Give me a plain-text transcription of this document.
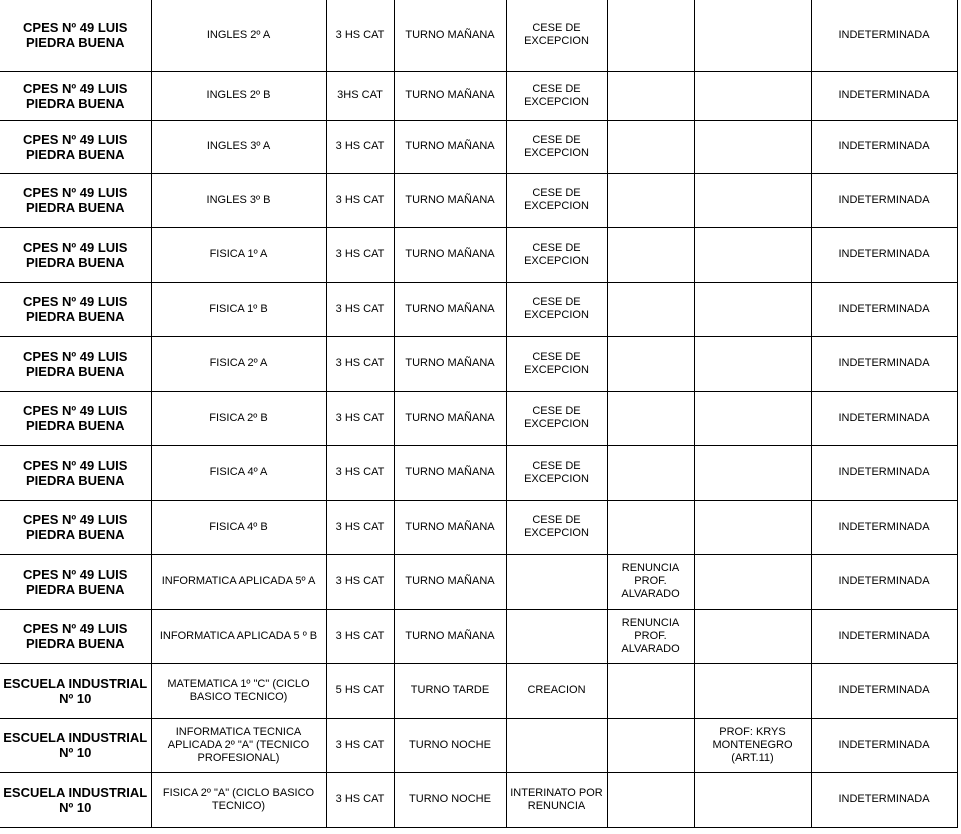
CPES Nº 49 LUIS PIEDRA BUENA	INGLES 2º A	3 HS CAT	TURNO MAÑANA	CESE DE EXCEPCION			INDETERMINADA
CPES Nº 49 LUIS PIEDRA BUENA	INGLES 2º B	3HS CAT	TURNO MAÑANA	CESE DE EXCEPCION			INDETERMINADA
CPES Nº 49 LUIS PIEDRA BUENA	INGLES 3º A	3 HS CAT	TURNO MAÑANA	CESE DE EXCEPCION			INDETERMINADA
CPES Nº 49 LUIS PIEDRA BUENA	INGLES 3º B	3 HS CAT	TURNO MAÑANA	CESE DE EXCEPCION			INDETERMINADA
CPES Nº 49 LUIS PIEDRA BUENA	FISICA 1º A	3 HS CAT	TURNO MAÑANA	CESE DE EXCEPCION			INDETERMINADA
CPES Nº 49 LUIS PIEDRA BUENA	FISICA 1º B	3 HS CAT	TURNO MAÑANA	CESE DE EXCEPCION			INDETERMINADA
CPES Nº 49 LUIS PIEDRA BUENA	FISICA 2º A	3 HS CAT	TURNO MAÑANA	CESE DE EXCEPCION			INDETERMINADA
CPES Nº 49 LUIS PIEDRA BUENA	FISICA 2º B	3 HS CAT	TURNO MAÑANA	CESE DE EXCEPCION			INDETERMINADA
CPES Nº 49 LUIS PIEDRA BUENA	FISICA 4º A	3 HS CAT	TURNO MAÑANA	CESE DE EXCEPCION			INDETERMINADA
CPES Nº 49 LUIS PIEDRA BUENA	FISICA 4º B	3 HS CAT	TURNO MAÑANA	CESE DE EXCEPCION			INDETERMINADA
CPES Nº 49 LUIS PIEDRA BUENA	INFORMATICA APLICADA 5º A	3 HS CAT	TURNO MAÑANA		RENUNCIA PROF. ALVARADO		INDETERMINADA
CPES Nº 49 LUIS PIEDRA BUENA	INFORMATICA APLICADA 5 º B	3 HS CAT	TURNO MAÑANA		RENUNCIA PROF. ALVARADO		INDETERMINADA
ESCUELA INDUSTRIAL Nº 10	MATEMATICA 1º "C" (CICLO BASICO TECNICO)	5 HS CAT	TURNO TARDE	CREACION			INDETERMINADA
ESCUELA INDUSTRIAL Nº 10	INFORMATICA TECNICA APLICADA 2º "A" (TECNICO PROFESIONAL)	3 HS CAT	TURNO NOCHE			PROF: KRYS MONTENEGRO (ART.11)	INDETERMINADA
ESCUELA INDUSTRIAL Nº 10	FISICA 2º "A" (CICLO BASICO TECNICO)	3 HS CAT	TURNO NOCHE	INTERINATO POR RENUNCIA			INDETERMINADA
